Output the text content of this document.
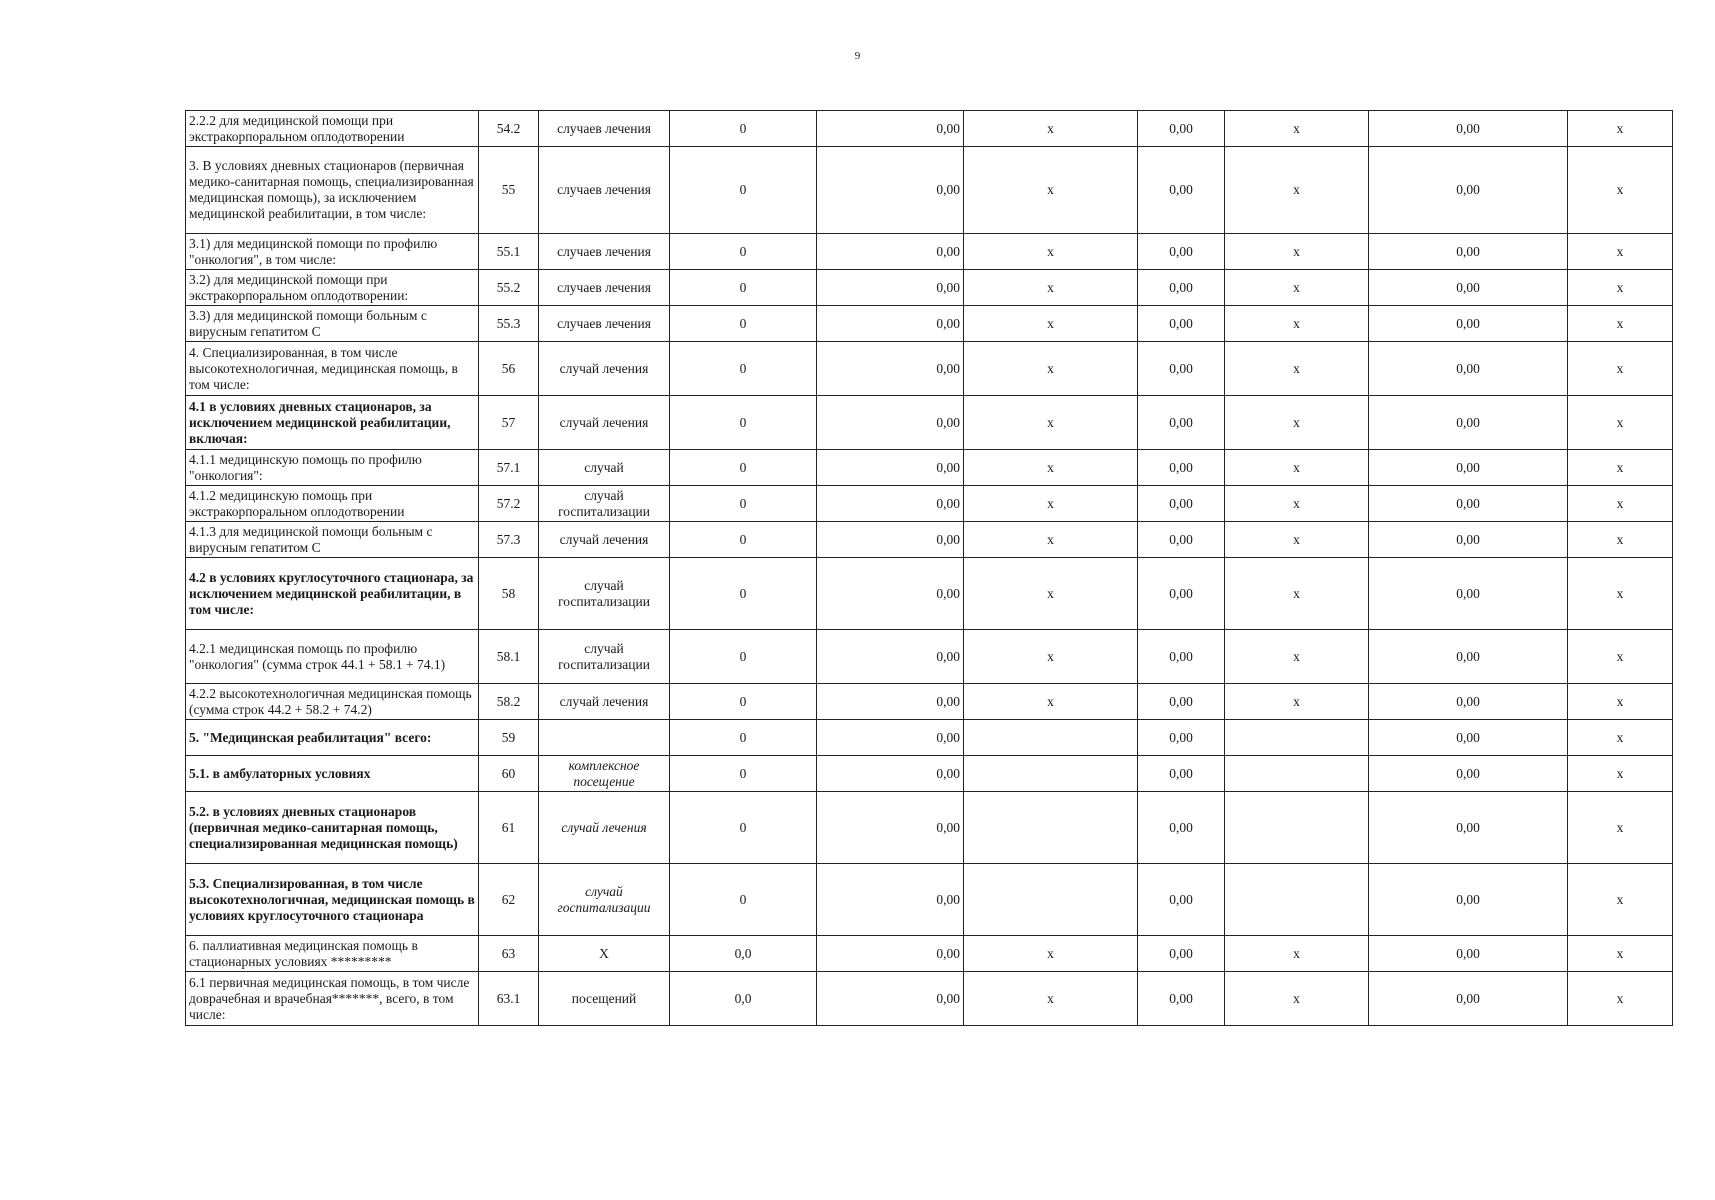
9
2.2.2 для медицинской помощи при экстракорпоральном оплодотворении	54.2	случаев лечения	0	0,00	x	0,00	x	0,00	x
3. В условиях дневных стационаров (первичная медико-санитарная помощь, специализированная медицинская помощь), за исключением медицинской реабилитации, в том числе:	55	случаев лечения	0	0,00	x	0,00	x	0,00	x
3.1) для медицинской помощи по профилю "онкология", в том числе:	55.1	случаев лечения	0	0,00	x	0,00	x	0,00	x
3.2) для медицинской помощи при экстракорпоральном оплодотворении:	55.2	случаев лечения	0	0,00	x	0,00	x	0,00	x
3.3) для медицинской помощи больным с вирусным гепатитом С	55.3	случаев лечения	0	0,00	x	0,00	x	0,00	x
4. Специализированная, в том числе высокотехнологичная, медицинская помощь, в том числе:	56	случай лечения	0	0,00	x	0,00	x	0,00	x
4.1 в условиях дневных стационаров, за исключением медицинской реабилитации, включая:	57	случай лечения	0	0,00	x	0,00	x	0,00	x
4.1.1 медицинскую помощь по профилю "онкология":	57.1	случай	0	0,00	x	0,00	x	0,00	x
4.1.2 медицинскую помощь при экстракорпоральном оплодотворении	57.2	случай госпитализации	0	0,00	x	0,00	x	0,00	x
4.1.3 для медицинской помощи больным с вирусным гепатитом С	57.3	случай лечения	0	0,00	x	0,00	x	0,00	x
4.2 в условиях круглосуточного стационара, за исключением медицинской реабилитации, в том числе:	58	случай госпитализации	0	0,00	x	0,00	x	0,00	x
4.2.1 медицинская помощь по профилю "онкология" (сумма строк 44.1 + 58.1 + 74.1)	58.1	случай госпитализации	0	0,00	x	0,00	x	0,00	x
4.2.2 высокотехнологичная медицинская помощь (сумма строк 44.2 + 58.2 + 74.2)	58.2	случай лечения	0	0,00	x	0,00	x	0,00	x
5. "Медицинская реабилитация" всего:	59		0	0,00		0,00		0,00	x
5.1. в амбулаторных условиях	60	комплексное посещение	0	0,00		0,00		0,00	x
5.2. в условиях дневных стационаров (первичная медико-санитарная помощь, специализированная медицинская помощь)	61	случай лечения	0	0,00		0,00		0,00	x
5.3. Специализированная, в том числе высокотехнологичная, медицинская помощь в условиях круглосуточного стационара	62	случай госпитализации	0	0,00		0,00		0,00	x
6. паллиативная медицинская помощь в стационарных условиях *********	63	X	0,0	0,00	x	0,00	x	0,00	x
6.1 первичная медицинская помощь, в том числе доврачебная и врачебная*******, всего, в том числе:	63.1	посещений	0,0	0,00	x	0,00	x	0,00	x
